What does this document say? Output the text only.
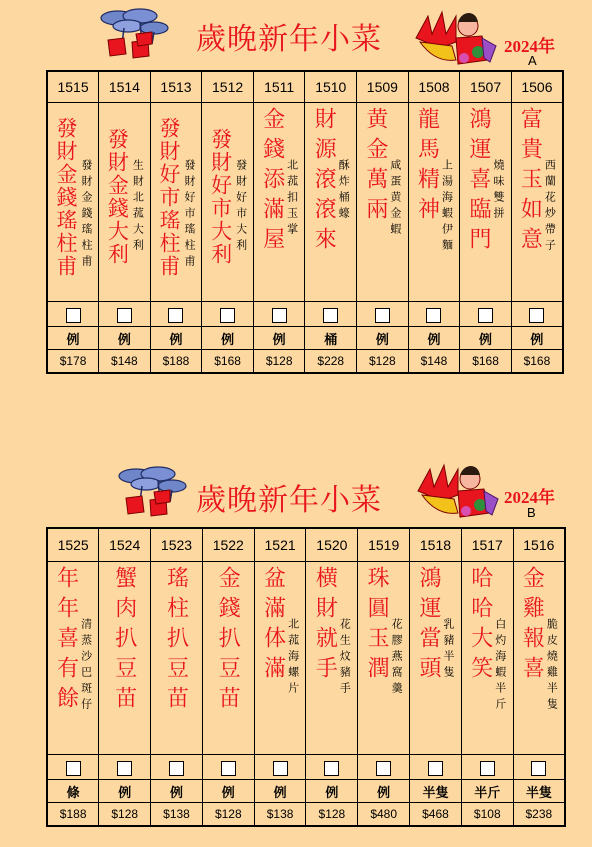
歲晚新年小菜	2024年
A
1515	1514	1513	1512	1511	1510	1509	1508	1507	1506

發財金錢瑤柱甫 發財金錢瑤柱甫	發財金錢大利 生財北菰大利	發財好市瑤柱甫 發財好市瑤柱甫	發財好市大利 發財好市大利	金錢添滿屋 北菰扣玉掌	財源滾滾來 酥炸桶蠔	黄金萬兩 咸蛋黄金蝦	龍馬精神 上湯海蝦伊麵	鴻運喜臨門 燒味雙拼	富貴玉如意 西蘭花炒帶子

例	例	例	例	例	桶	例	例	例	例
$178	$148	$188	$168	$128	$228	$128	$148	$168	$168
歲晚新年小菜	2024年
B
1525	1524	1523	1522	1521	1520	1519	1518	1517	1516

年年喜有餘 清蒸沙巴斑仔	蟹肉扒豆苗	瑤柱扒豆苗	金錢扒豆苗	盆滿体滿 北菰海螺片	横財就手 花生炆豬手	珠圓玉潤 花膠燕窩羹	鴻運當頭 乳豬半隻	哈哈大笑 白灼海蝦半斤	金雞報喜 脆皮燒雞半隻

條	例	例	例	例	例	例	半隻	半斤	半隻
$188	$128	$138	$128	$138	$128	$480	$468	$108	$238
